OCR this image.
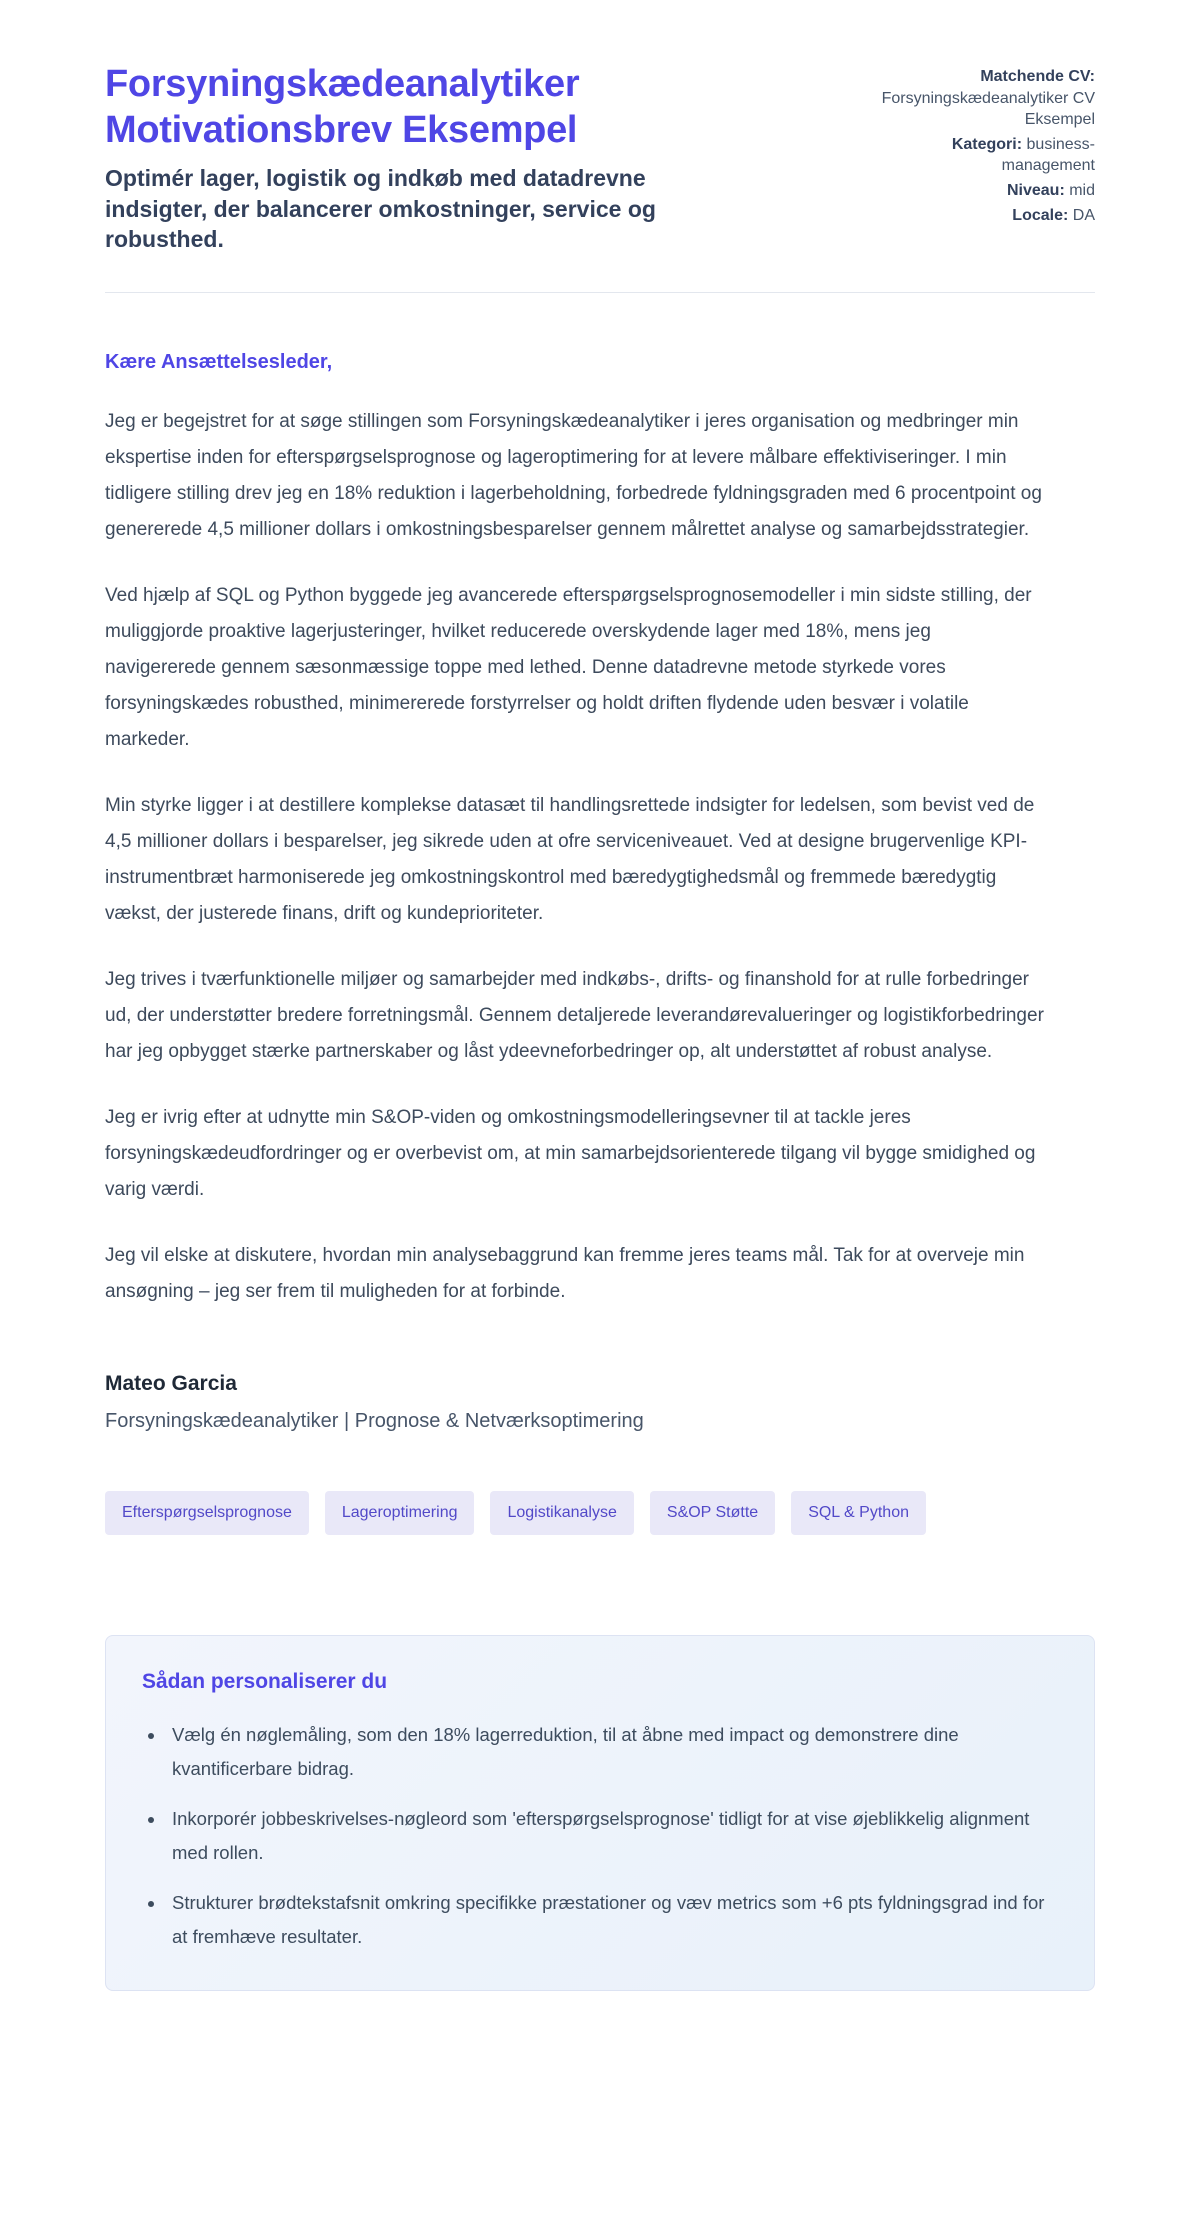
Forsyningskædeanalytiker Motivationsbrev Eksempel
Optimér lager, logistik og indkøb med datadrevne indsigter, der balancerer omkostninger, service og robusthed.
Matchende CV: Forsyningskædeanalytiker CV Eksempel
Kategori: business-management
Niveau: mid
Locale: DA
Kære Ansættelsesleder,

Jeg er begejstret for at søge stillingen som Forsyningskædeanalytiker i jeres organisation og medbringer min ekspertise inden for efterspørgselsprognose og lageroptimering for at levere målbare effektiviseringer. I min tidligere stilling drev jeg en 18% reduktion i lagerbeholdning, forbedrede fyldningsgraden med 6 procentpoint og genererede 4,5 millioner dollars i omkostningsbesparelser gennem målrettet analyse og samarbejdsstrategier.

Ved hjælp af SQL og Python byggede jeg avancerede efterspørgselsprognosemodeller i min sidste stilling, der muliggjorde proaktive lagerjusteringer, hvilket reducerede overskydende lager med 18%, mens jeg navigererede gennem sæsonmæssige toppe med lethed. Denne datadrevne metode styrkede vores forsyningskædes robusthed, minimererede forstyrrelser og holdt driften flydende uden besvær i volatile markeder.

Min styrke ligger i at destillere komplekse datasæt til handlingsrettede indsigter for ledelsen, som bevist ved de 4,5 millioner dollars i besparelser, jeg sikrede uden at ofre serviceniveauet. Ved at designe brugervenlige KPI-instrumentbræt harmoniserede jeg omkostningskontrol med bæredygtighedsmål og fremmede bæredygtig vækst, der justerede finans, drift og kundeprioriteter.

Jeg trives i tværfunktionelle miljøer og samarbejder med indkøbs-, drifts- og finanshold for at rulle forbedringer ud, der understøtter bredere forretningsmål. Gennem detaljerede leverandørevalueringer og logistikforbedringer har jeg opbygget stærke partnerskaber og låst ydeevneforbedringer op, alt understøttet af robust analyse.

Jeg er ivrig efter at udnytte min S&OP-viden og omkostningsmodelleringsevner til at tackle jeres forsyningskædeudfordringer og er overbevist om, at min samarbejdsorienterede tilgang vil bygge smidighed og varig værdi.

Jeg vil elske at diskutere, hvordan min analysebaggrund kan fremme jeres teams mål. Tak for at overveje min ansøgning – jeg ser frem til muligheden for at forbinde.

Mateo Garcia
Forsyningskædeanalytiker | Prognose & Netværksoptimering
Efterspørgselsprognose	Lageroptimering	Logistikanalyse	S&OP Støtte	SQL & Python
Sådan personaliserer du
• Vælg én nøglemåling, som den 18% lagerreduktion, til at åbne med impact og demonstrere dine kvantificerbare bidrag.
• Inkorporér jobbeskrivelses-nøgleord som 'efterspørgselsprognose' tidligt for at vise øjeblikkelig alignment med rollen.
• Strukturer brødtekstafsnit omkring specifikke præstationer og væv metrics som +6 pts fyldningsgrad ind for at fremhæve resultater.
